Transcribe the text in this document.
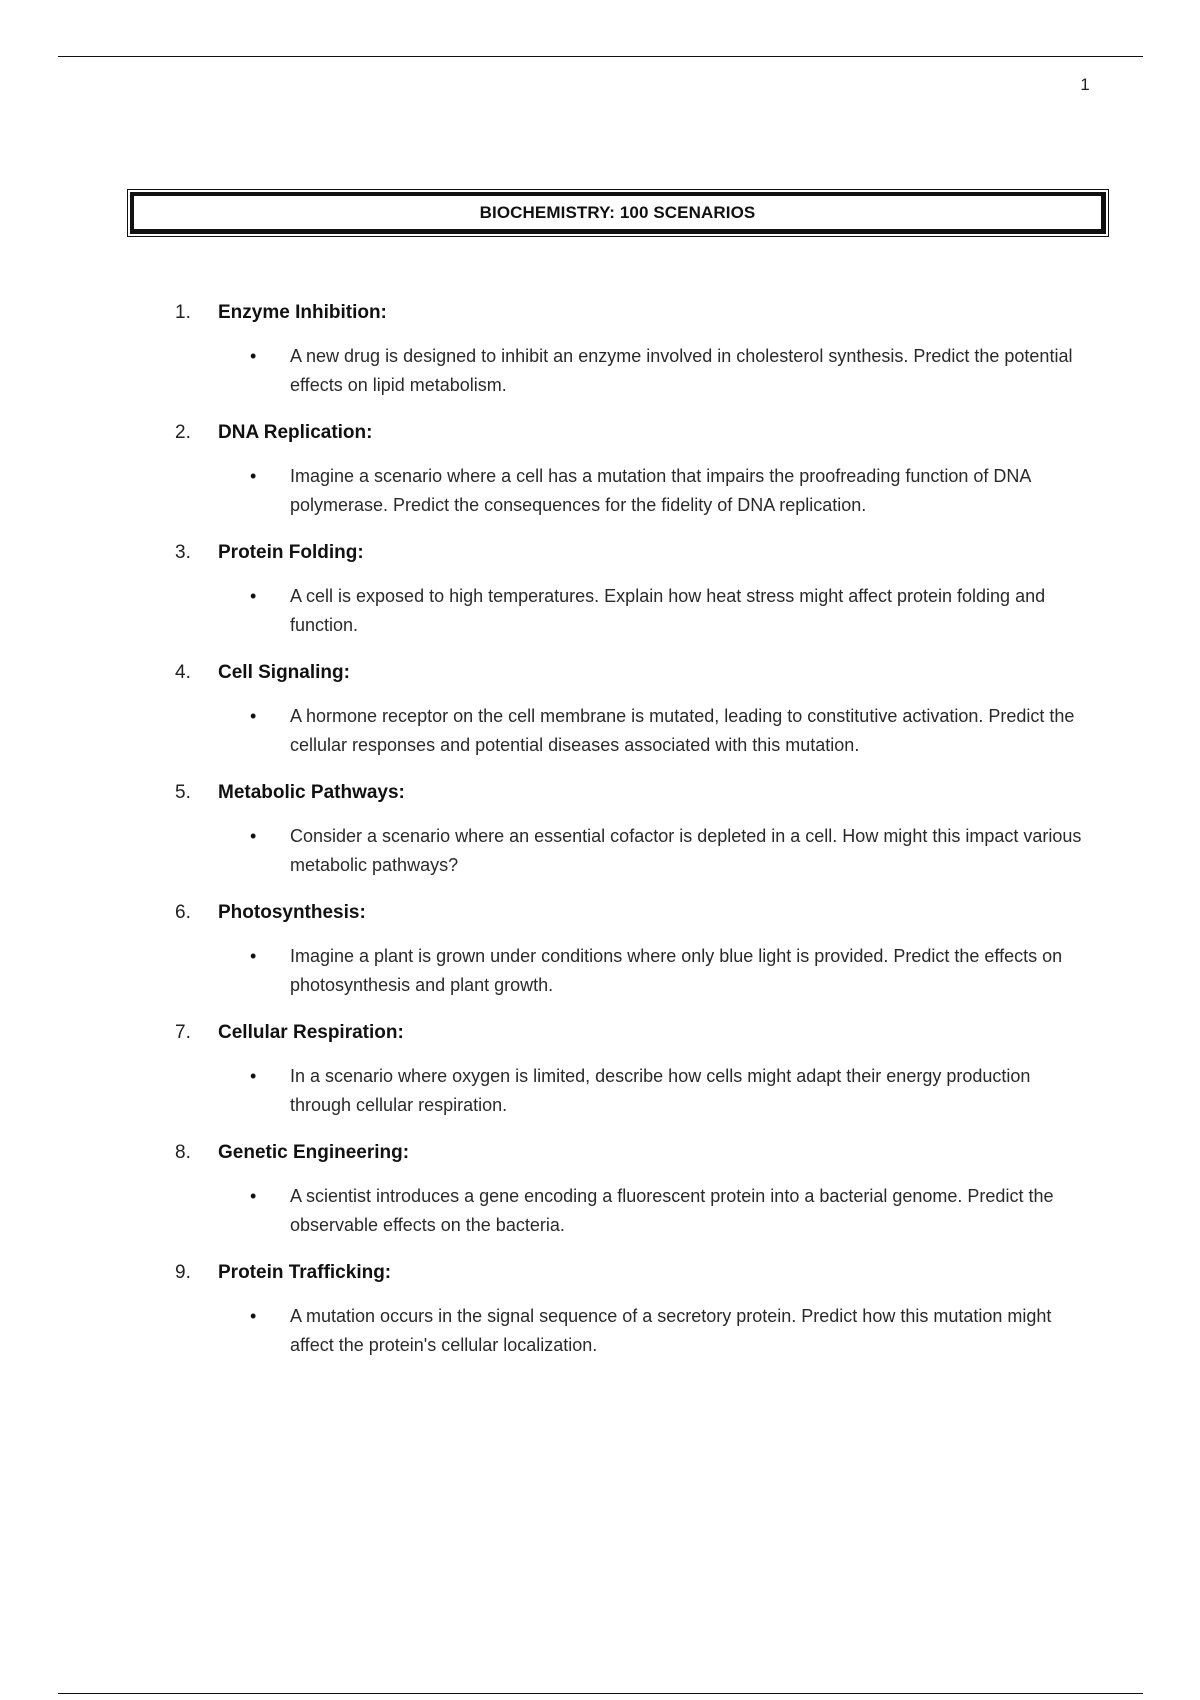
1
BIOCHEMISTRY: 100 SCENARIOS
1.	Enzyme Inhibition:
•	A new drug is designed to inhibit an enzyme involved in cholesterol synthesis. Predict the potential effects on lipid metabolism.
2.	DNA Replication:
•	Imagine a scenario where a cell has a mutation that impairs the proofreading function of DNA polymerase. Predict the consequences for the fidelity of DNA replication.
3.	Protein Folding:
•	A cell is exposed to high temperatures. Explain how heat stress might affect protein folding and function.
4.	Cell Signaling:
•	A hormone receptor on the cell membrane is mutated, leading to constitutive activation. Predict the cellular responses and potential diseases associated with this mutation.
5.	Metabolic Pathways:
•	Consider a scenario where an essential cofactor is depleted in a cell. How might this impact various metabolic pathways?
6.	Photosynthesis:
•	Imagine a plant is grown under conditions where only blue light is provided. Predict the effects on photosynthesis and plant growth.
7.	Cellular Respiration:
•	In a scenario where oxygen is limited, describe how cells might adapt their energy production through cellular respiration.
8.	Genetic Engineering:
•	A scientist introduces a gene encoding a fluorescent protein into a bacterial genome. Predict the observable effects on the bacteria.
9.	Protein Trafficking:
•	A mutation occurs in the signal sequence of a secretory protein. Predict how this mutation might affect the protein's cellular localization.
